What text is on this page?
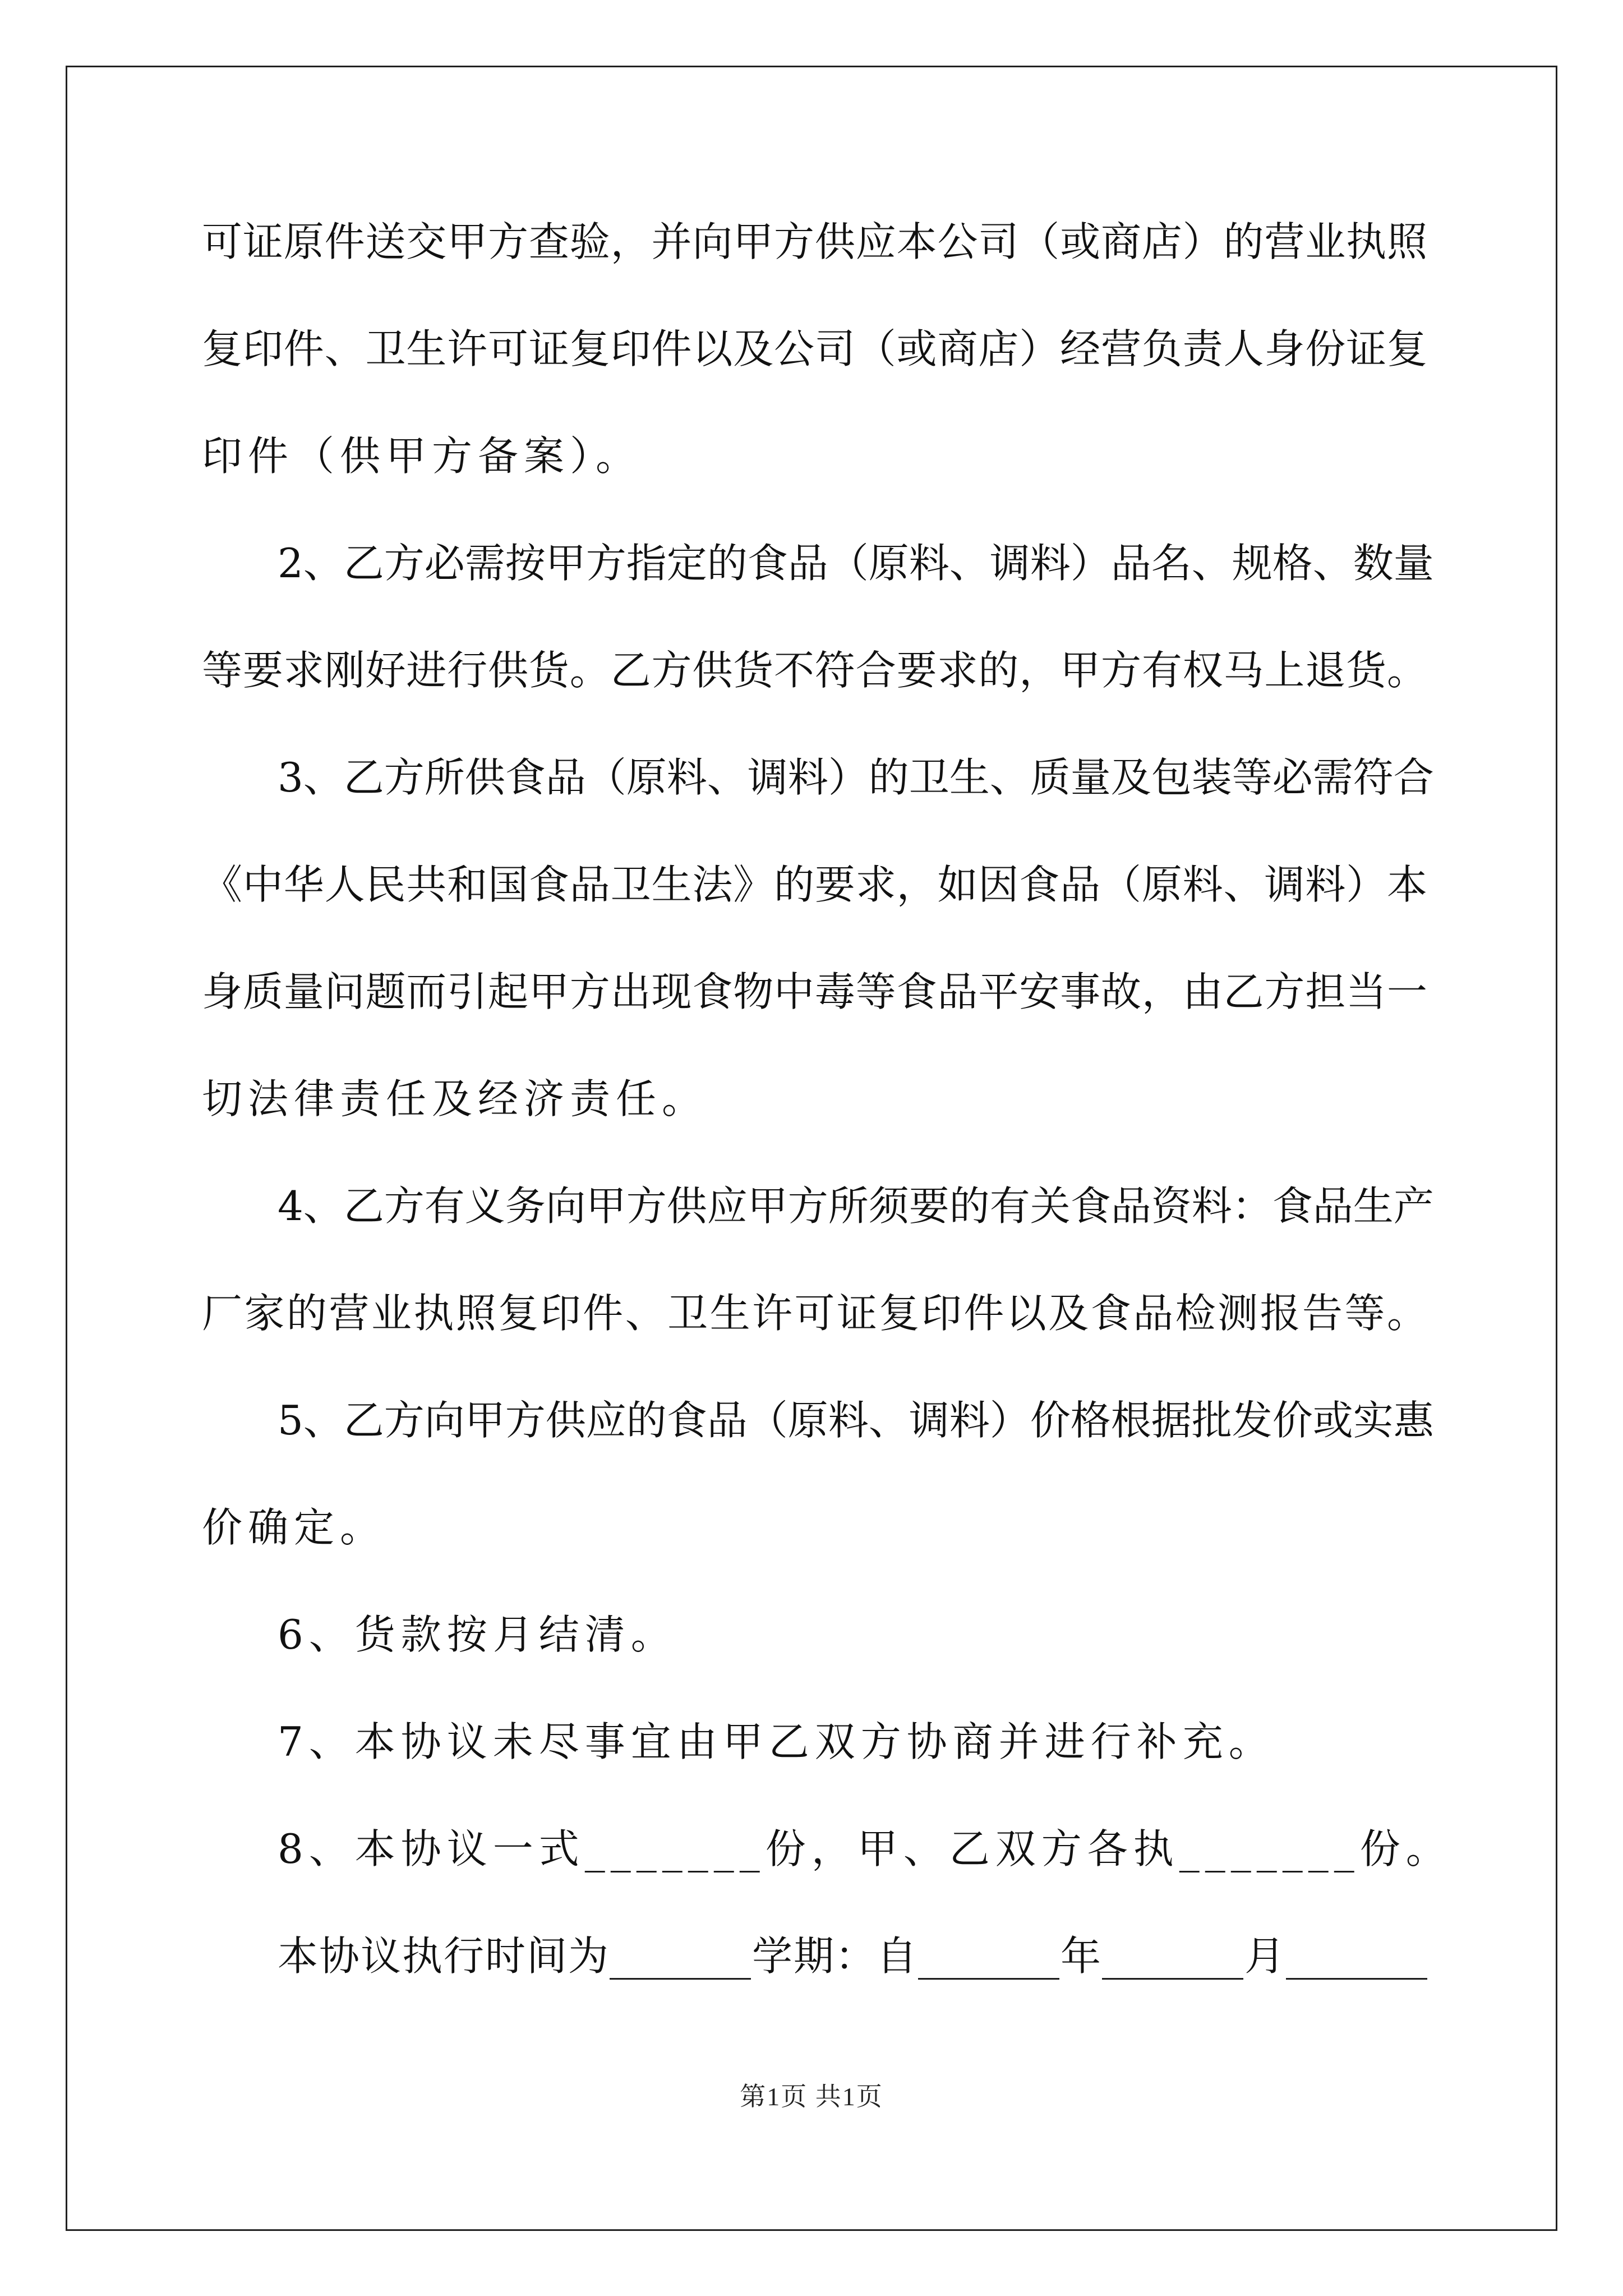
可证原件送交甲方查验，并向甲方供应本公司（或商店）的营业执照

复印件、卫生许可证复印件以及公司（或商店）经营负责人身份证复

印件（供甲方备案）。

2、乙方必需按甲方指定的食品（原料、调料）品名、规格、数量

等要求刚好进行供货。乙方供货不符合要求的，甲方有权马上退货。

3、乙方所供食品（原料、调料）的卫生、质量及包装等必需符合

《中华人民共和国食品卫生法》的要求，如因食品（原料、调料）本

身质量问题而引起甲方出现食物中毒等食品平安事故，由乙方担当一

切法律责任及经济责任。

4、乙方有义务向甲方供应甲方所须要的有关食品资料：食品生产

厂家的营业执照复印件、卫生许可证复印件以及食品检测报告等。

5、乙方向甲方供应的食品（原料、调料）价格根据批发价或实惠

价确定。

6、货款按月结清。

7、本协议未尽事宜由甲乙双方协商并进行补充。

8、本协议一式_______份，甲、乙双方各执_______份。

本协议执行时间为_______学期：自_______年_______月_______

第1页 共1页
